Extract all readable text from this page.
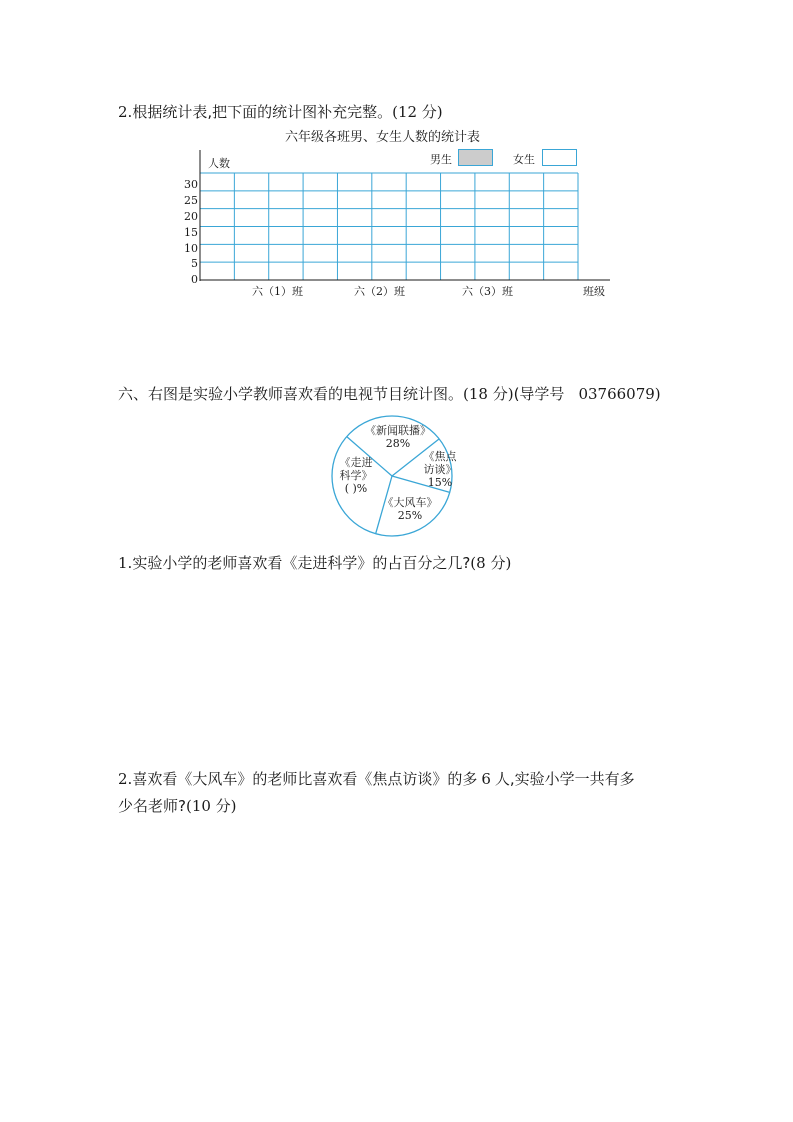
2.根据统计表,把下面的统计图补充完整。(12 分)
六年级各班男、女生人数的统计表
人数	男生	女生
30
25
20
15
10
5
0
六（1）班	六（2）班	六（3）班	班级
六、右图是实验小学教师喜欢看的电视节目统计图。(18 分)(导学号 03766079)
《新闻联播》
28%
《焦点
访谈》
15%
《大风车》
25%
《走进
科学》
( )%
1.实验小学的老师喜欢看《走进科学》的占百分之几?(8 分)
2.喜欢看《大风车》的老师比喜欢看《焦点访谈》的多 6 人,实验小学一共有多
少名老师?(10 分)
